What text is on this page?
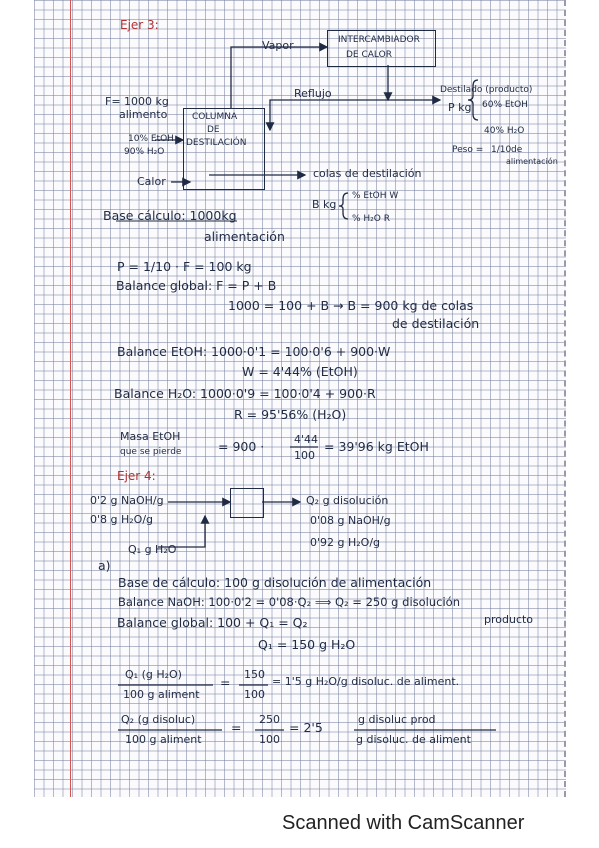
Ejer 3:
INTERCAMBIADOR
DE CALOR
Vapor
Reflujo
COLUMNA
DE
DESTILACIÓN
F= 1000 kg
alimento
10% EtOH
90% H₂O
Calor
Destilado (producto)
P kg 60% EtOH
40% H₂O
Peso = 1/10 de
alimentación
colas de destilación
B kg
% EtOH W
% H₂O R
Base cálculo: 1000kg
alimentación
P = 1/10 · F = 100 kg
Balance global: F = P + B
1000 = 100 + B → B = 900 kg de colas
de destilación
Balance EtOH: 1000·0'1 = 100·0'6 + 900·W
W = 4'44% (EtOH)
Balance H₂O: 1000·0'9 = 100·0'4 + 900·R
R = 95'56% (H₂O)
Masa EtOH
que se pierde	= 900 ·	4'44
100
= 39'96 kg EtOH
Ejer 4:
0'2 g NaOH/g
0'8 g H₂O/g
Q₁ g H₂O
Q₂ g disolución
0'08 g NaOH/g
0'92 g H₂O/g
a)
Base de cálculo: 100 g disolución de alimentación
Balance NaOH: 100·0'2 = 0'08·Q₂ ⟹ Q₂ = 250 g disolución
producto
Balance global: 100 + Q₁ = Q₂
Q₁ = 150 g H₂O
Q₁ (g H₂O)
100 g aliment
=
150
100
= 1'5 g H₂O/g disoluc. de aliment.
Q₂ (g disoluc)
100 g aliment
=
250
100
= 2'5
g disoluc prod
g disoluc. de aliment
Scanned with CamScanner
